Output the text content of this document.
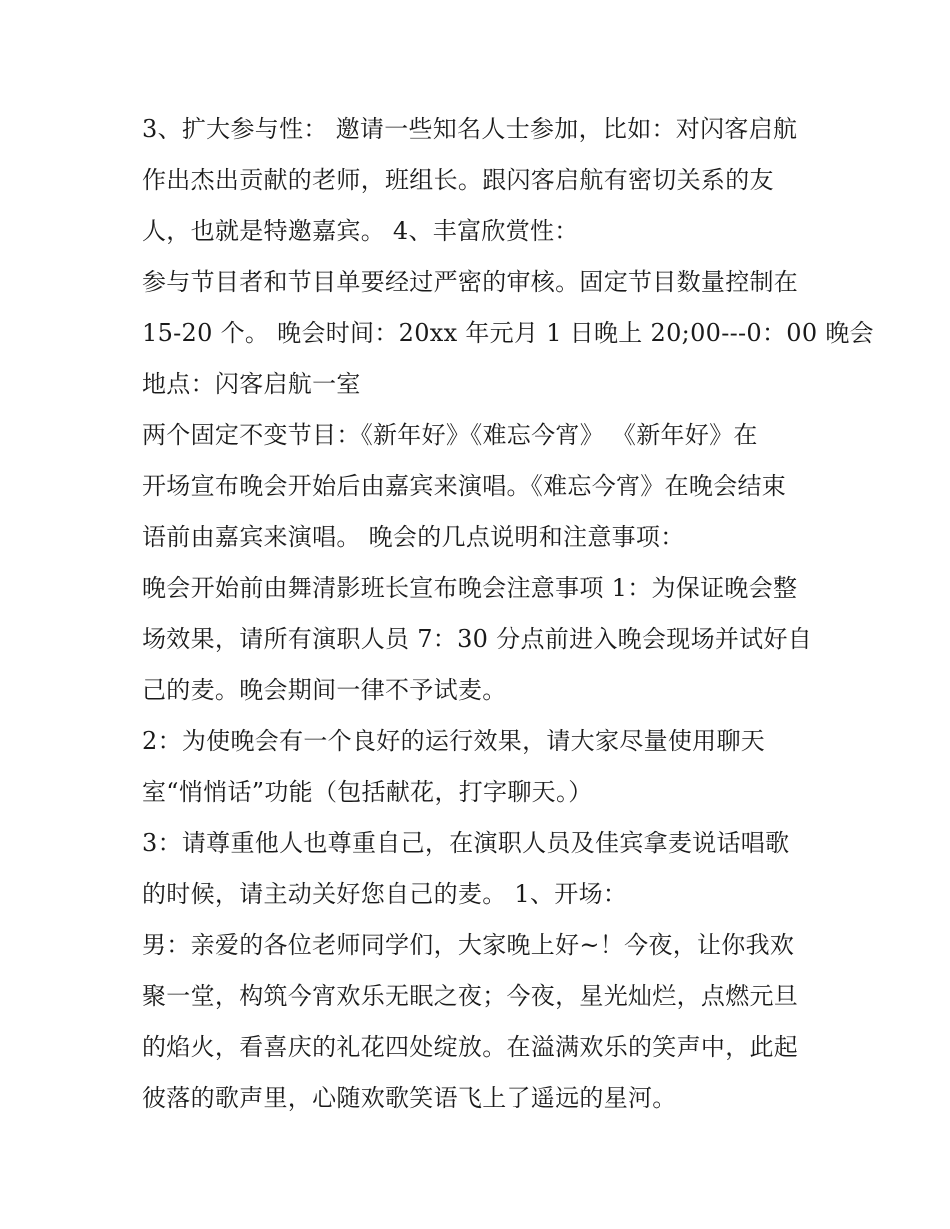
3、扩大参与性： 邀请一些知名人士参加，比如：对闪客启航
作出杰出贡献的老师，班组长。跟闪客启航有密切关系的友
人，也就是特邀嘉宾。 4、丰富欣赏性：
参与节目者和节目单要经过严密的审核。固定节目数量控制在
15-20 个。 晚会时间：20xx 年元月 1 日晚上 20;00---0：00 晚会
地点：闪客启航一室
两个固定不变节目：《新年好》《难忘今宵》 《新年好》在
开场宣布晚会开始后由嘉宾来演唱。《难忘今宵》在晚会结束
语前由嘉宾来演唱。 晚会的几点说明和注意事项：
晚会开始前由舞清影班长宣布晚会注意事项 1：为保证晚会整
场效果，请所有演职人员 7：30 分点前进入晚会现场并试好自
己的麦。晚会期间一律不予试麦。
2：为使晚会有一个良好的运行效果，请大家尽量使用聊天
室“悄悄话”功能（包括献花，打字聊天。）
3：请尊重他人也尊重自己，在演职人员及佳宾拿麦说话唱歌
的时候，请主动关好您自己的麦。 1、开场：
男：亲爱的各位老师同学们，大家晚上好~！今夜，让你我欢
聚一堂，构筑今宵欢乐无眠之夜；今夜，星光灿烂，点燃元旦
的焰火，看喜庆的礼花四处绽放。在溢满欢乐的笑声中，此起
彼落的歌声里，心随欢歌笑语飞上了遥远的星河。
